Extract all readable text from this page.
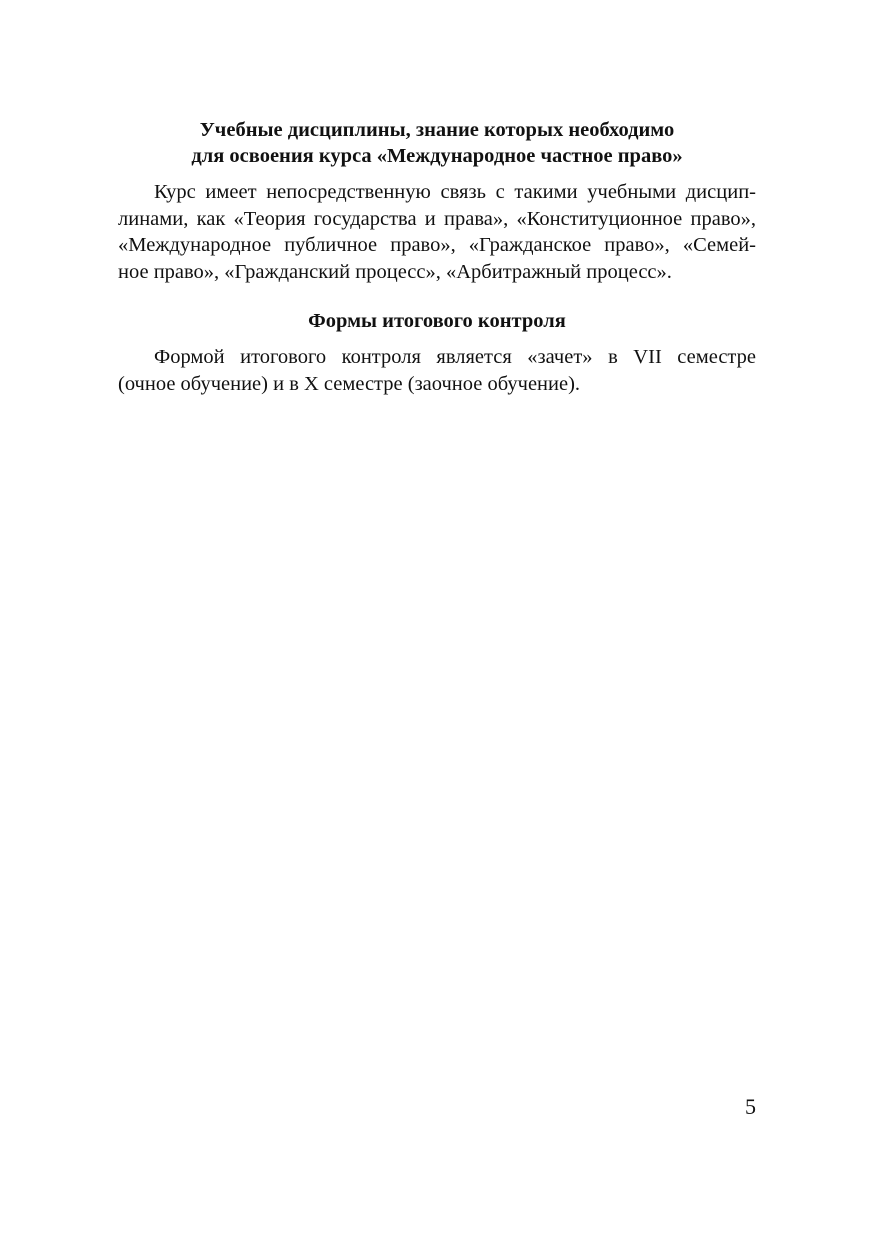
Учебные дисциплины, знание которых необходимо
для освоения курса «Международное частное право»

Курс имеет непосредственную связь с такими учебными дисцип-
линами, как «Теория государства и права», «Конституционное право»,
«Международное публичное право», «Гражданское право», «Семей-
ное право», «Гражданский процесс», «Арбитражный процесс».

Формы итогового контроля

Формой итогового контроля является «зачет» в VII семестре
(очное обучение) и в X семестре (заочное обучение).

5
